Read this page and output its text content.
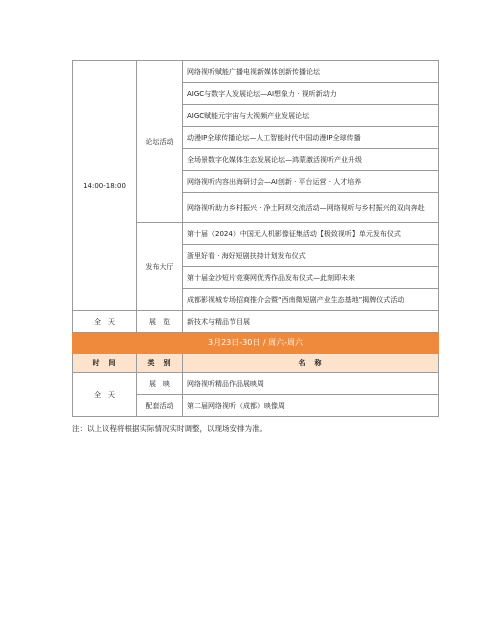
14:00-18:00	论坛活动	网络视听赋能广播电视新媒体创新传播论坛
		AIGC与数字人发展论坛—AI想象力 · 视听新动力
		AIGC赋能元宇宙与大视频产业发展论坛
		动漫IP全球传播论坛—人工智能时代中国动漫IP全球传播
		全场景数字化媒体生态发展论坛—鸿蒙激活视听产业升级
		网络视听内容出海研讨会—AI创新 · 平台运营 · 人才培养
		网络视听助力乡村振兴 · 净土阿坝交流活动—网络视听与乡村振兴的双向奔赴
	发布大厅	第十届（2024）中国无人机影像征集活动【极致视听】单元发布仪式
		浙里好看 · 海好短剧扶持计划发布仪式
		第十届金沙短片竞赛网优秀作品发布仪式—此刻即未来
		成都影视城专场招商推介会暨“西南微短剧产业生态基地”揭牌仪式活动
全　天	展　览	新技术与精品节目展
3月23日-30日 / 周六-周六		
时　间	类　别	名　称
全　天	展　映	网络视听精品作品展映周
	配套活动	第二届网络视听（成都）映像周
注：以上议程将根据实际情况实时调整，以现场安排为准。
